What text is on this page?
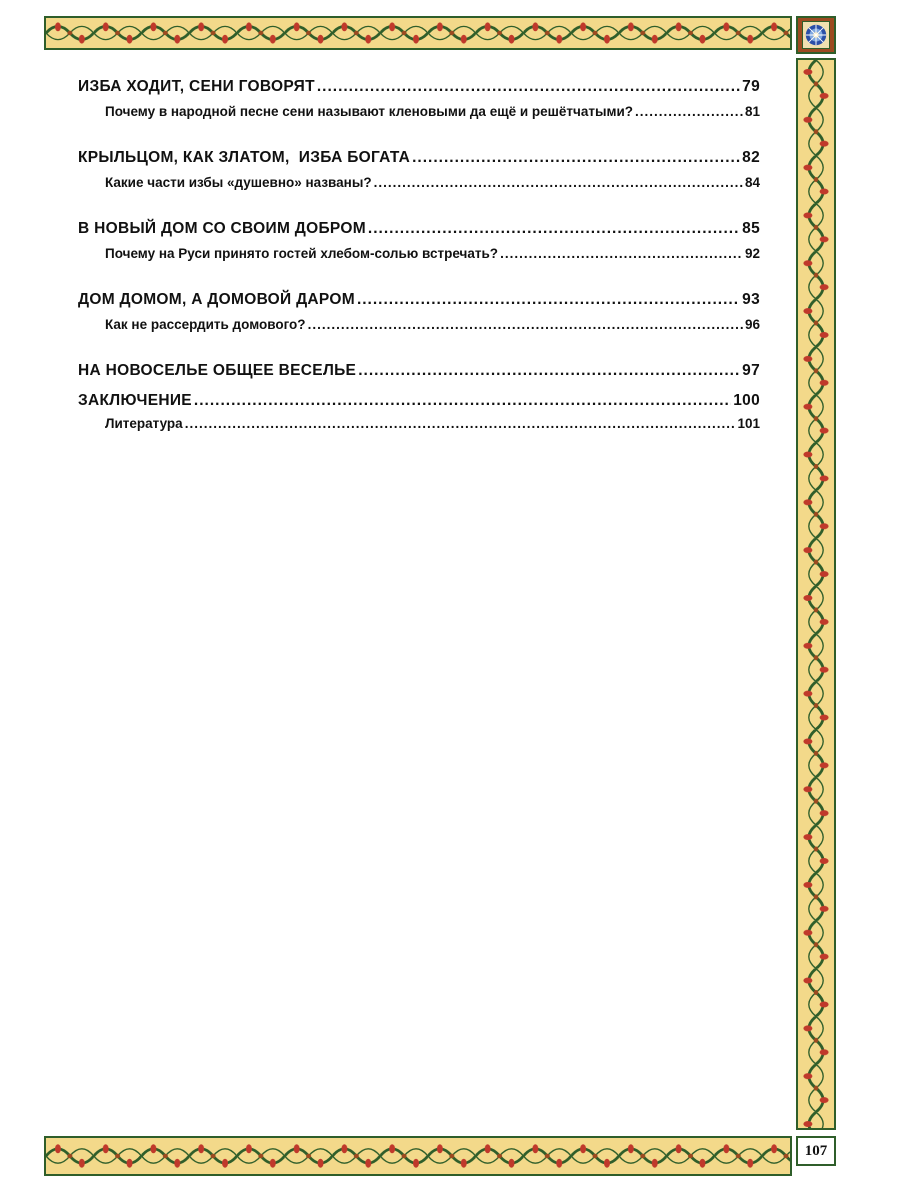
107
ИЗБА ХОДИТ, СЕНИ ГОВОРЯТ .....	79
Почему в народной песне сени называют кленовыми да ещё и решётчатыми? .....	81
КРЫЛЬЦОМ, КАК ЗЛАТОМ,  ИЗБА БОГАТА .....	82
Какие части избы «душевно» названы? .....	84
В НОВЫЙ ДОМ СО СВОИМ ДОБРОМ .....	85
Почему на Руси принято гостей хлебом-солью встречать? .....	92
ДОМ ДОМОМ, А ДОМОВОЙ ДАРОМ .....	93
Как не рассердить домового? .....	96
НА НОВОСЕЛЬЕ ОБЩЕЕ ВЕСЕЛЬЕ .....	97
ЗАКЛЮЧЕНИЕ .....	100
Литература .....	101
